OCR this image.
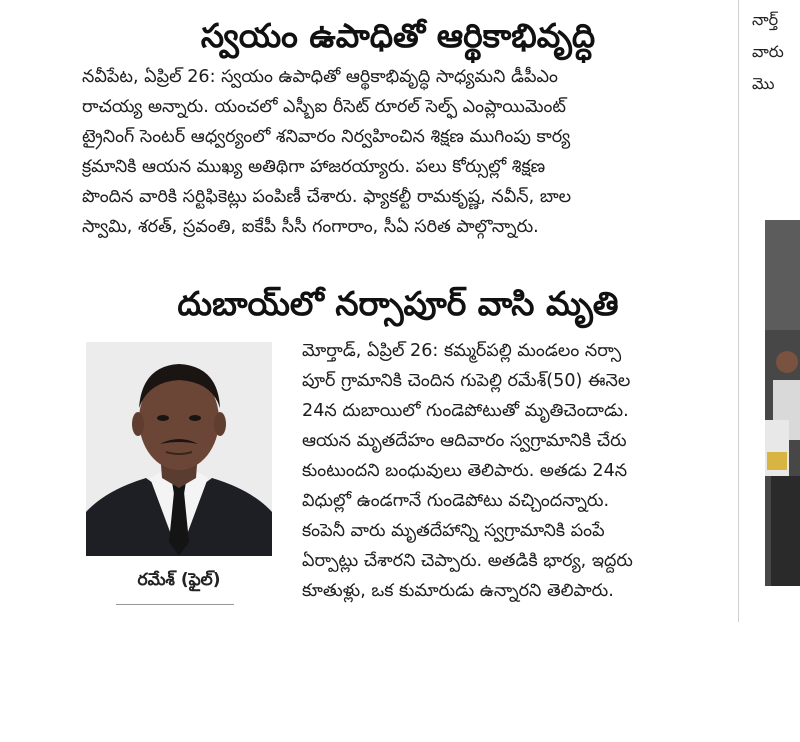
స్వయం ఉపాధితో ఆర్థికాభివృద్ధి

నవీపేట, ఏప్రిల్ 26: స్వయం ఉపాధితో ఆర్థికాభివృద్ధి సాధ్యమని డీపీఎం
రాచయ్య అన్నారు. యంచలో ఎస్బీఐ రీసెట్ రూరల్ సెల్ఫ్ ఎంప్లాయిమెంట్
ట్రైనింగ్ సెంటర్ ఆధ్వర్యంలో శనివారం నిర్వహించిన శిక్షణ ముగింపు కార్య
క్రమానికి ఆయన ముఖ్య అతిథిగా హాజరయ్యారు. పలు కోర్సుల్లో శిక్షణ
పొందిన వారికి సర్టిఫికెట్లు పంపిణీ చేశారు. ఫ్యాకల్టీ రామకృష్ణ, నవీన్, బాల
స్వామి, శరత్, స్రవంతి, ఐకేపీ సీసీ గంగారాం, సీఏ సరిత పాల్గొన్నారు.

దుబాయ్‌లో నర్సాపూర్ వాసి మృతి
రమేశ్ (ఫైల్)

మోర్తాడ్, ఏప్రిల్ 26: కమ్మర్‌పల్లి మండలం నర్సా
పూర్ గ్రామానికి చెందిన గుపెల్లి రమేశ్(50) ఈనెల
24న దుబాయిలో గుండెపోటుతో మృతిచెందాడు.
ఆయన మృతదేహం ఆదివారం స్వగ్రామానికి చేరు
కుంటుందని బంధువులు తెలిపారు. అతడు 24న
విధుల్లో ఉండగానే గుండెపోటు వచ్చిందన్నారు.
కంపెనీ వారు మృతదేహాన్ని స్వగ్రామానికి పంపే
ఏర్పాట్లు చేశారని చెప్పారు. అతడికి భార్య, ఇద్దరు
కూతుళ్లు, ఒక కుమారుడు ఉన్నారని తెలిపారు.

నార్త్
వారు
మొ
